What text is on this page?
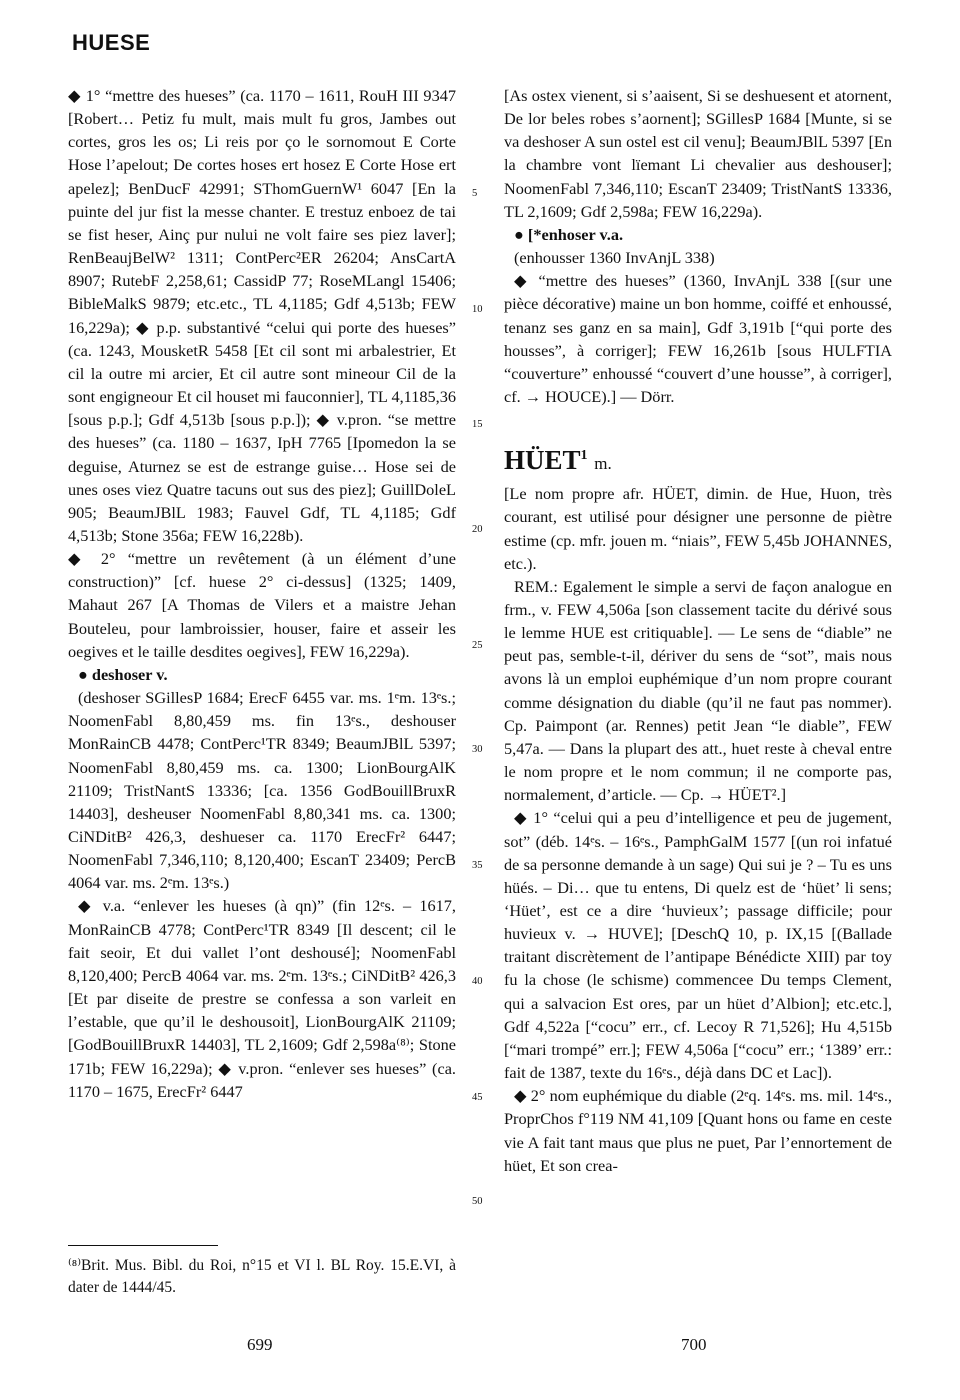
HUESE

◆ 1° “mettre des hueses” (ca. 1170 – 1611, RouH III 9347 [Robert… Petiz fu mult, mais mult fu gros, Jambes out cortes, gros les os; Li reis por ço le sornomout E Corte Hose l’apelout; De cortes hoses ert hosez E Corte Hose ert apelez]; BenDucF 42991; SThomGuernW¹ 6047 [En la puinte del jur fist la messe chanter. E trestuz enboez de tai se fist heser, Ainç pur nului ne volt faire ses piez laver]; RenBeaujBelW² 1311; ContPerc²ER 26204; AnsCartA 8907; RutebF 2,258,61; CassidP 77; RoseMLangl 15406; BibleMalkS 9879; etc.etc., TL 4,1185; Gdf 4,513b; FEW 16,229a); ◆ p.p. substantivé “celui qui porte des hueses” (ca. 1243, MousketR 5458 [Et cil sont mi arbalestrier, Et cil la outre mi arcier, Et cil autre sont mineour Cil de la sont engigneour Et cil houset mi fauconnier], TL 4,1185,36 [sous p.p.]; Gdf 4,513b [sous p.p.]); ◆ v.pron. “se mettre des hueses” (ca. 1180 – 1637, IpH 7765 [Ipomedon la se deguise, Aturnez se est de estrange guise… Hose sei de unes oses viez Quatre tacuns out sus des piez]; GuillDoleL 905; BeaumJBlL 1983; Fauvel Gdf, TL 4,1185; Gdf 4,513b; Stone 356a; FEW 16,228b).

◆ 2° “mettre un revêtement (à un élément d’une construction)” [cf. huese 2° ci-dessus] (1325; 1409, Mahaut 267 [A Thomas de Vilers et a maistre Jehan Bouteleu, pour lambroissier, houser, faire et asseir les oegives et le taille desdites oegives], FEW 16,229a).

● deshoser v.

(deshoser SGillesP 1684; ErecF 6455 var. ms. 1ᵉm. 13ᵉs.; NoomenFabl 8,80,459 ms. fin 13ᵉs., deshouser MonRainCB 4478; ContPerc¹TR 8349; BeaumJBlL 5397; NoomenFabl 8,80,459 ms. ca. 1300; LionBourgAlK 21109; TristNantS 13336; [ca. 1356 GodBouillBruxR 14403], desheuser NoomenFabl 8,80,341 ms. ca. 1300; CiNDitB² 426,3, deshueser ca. 1170 ErecFr² 6447; NoomenFabl 7,346,110; 8,120,400; EscanT 23409; PercB 4064 var. ms. 2ᵉm. 13ᵉs.)

◆ v.a. “enlever les hueses (à qn)” (fin 12ᵉs. – 1617, MonRainCB 4778; ContPerc¹TR 8349 [Il descent; cil le fait seoir, Et dui vallet l’ont deshousé]; NoomenFabl 8,120,400; PercB 4064 var. ms. 2ᵉm. 13ᵉs.; CiNDitB² 426,3 [Et par diseite de prestre se confessa a son varleit en l’estable, que qu’il le deshousoit], LionBourgAlK 21109; [GodBouillBruxR 14403], TL 2,1609; Gdf 2,598a⁽⁸⁾; Stone 171b; FEW 16,229a); ◆ v.pron. “enlever ses hueses” (ca. 1170 – 1675, ErecFr² 6447

5
10
15
20
25
30
35
40
45
50

[As ostex vienent, si s’aaisent, Si se deshuesent et atornent, De lor beles robes s’aornent]; SGillesP 1684 [Munte, si se va deshoser A sun ostel est cil venu]; BeaumJBlL 5397 [En la chambre vont lïemant Li chevalier aus deshouser]; NoomenFabl 7,346,110; EscanT 23409; TristNantS 13336, TL 2,1609; Gdf 2,598a; FEW 16,229a).

● [*enhoser v.a.

(enhousser 1360 InvAnjL 338)

◆ “mettre des hueses” (1360, InvAnjL 338 [(sur une pièce décorative) maine un bon homme, coiffé et enhoussé, tenanz ses ganz en sa main], Gdf 3,191b [“qui porte des housses”, à corriger]; FEW 16,261b [sous HULFTIA “couverture” enhoussé “couvert d’une housse”, à corriger], cf. → HOUCE).] — Dörr.

HÜET$^1$ m.

[Le nom propre afr. HÜET, dimin. de Hue, Huon, très courant, est utilisé pour désigner une personne de piètre estime (cp. mfr. jouen m. “niais”, FEW 5,45b JOHANNES, etc.).

REM.: Egalement le simple a servi de façon analogue en frm., v. FEW 4,506a [son classement tacite du dérivé sous le lemme HUE est critiquable]. — Le sens de “diable” ne peut pas, semble-t-il, dériver du sens de “sot”, mais nous avons là un emploi euphémique d’un nom propre courant comme désignation du diable (qu’il ne faut pas nommer). Cp. Paimpont (ar. Rennes) petit Jean “le diable”, FEW 5,47a. — Dans la plupart des att., huet reste à cheval entre le nom propre et le nom commun; il ne comporte pas, normalement, d’article. — Cp. → HÜET².]

◆ 1° “celui qui a peu d’intelligence et peu de jugement, sot” (déb. 14ᵉs. – 16ᵉs., PamphGalM 1577 [(un roi infatué de sa personne demande à un sage) Qui sui je ? – Tu es uns hüés. – Di… que tu entens, Di quelz est de ‘hüet’ li sens; ‘Hüet’, est ce a dire ‘huvieux’; passage difficile; pour huvieux v. → HUVE]; [DeschQ 10, p. IX,15 [(Ballade traitant discrètement de l’antipape Bénédicte XIII) par toy fu la chose (le schisme) commencee Du temps Clement, qui a salvacion Est ores, par un hüet d’Albion]; etc.etc.], Gdf 4,522a [“cocu” err., cf. Lecoy R 71,526]; Hu 4,515b [“mari trompé” err.]; FEW 4,506a [“cocu” err.; ‘1389’ err.: fait de 1387, texte du 16ᵉs., déjà dans DC et Lac]).

◆ 2° nom euphémique du diable (2ᵉq. 14ᵉs. ms. mil. 14ᵉs., ProprChos f°119 NM 41,109 [Quant hons ou fame en ceste vie A fait tant maus que plus ne puet, Par l’ennortement de hüet, Et son crea-

⁽⁸⁾Brit. Mus. Bibl. du Roi, n°15 et VI l. BL Roy. 15.E.VI, à dater de 1444/45.
699	700
